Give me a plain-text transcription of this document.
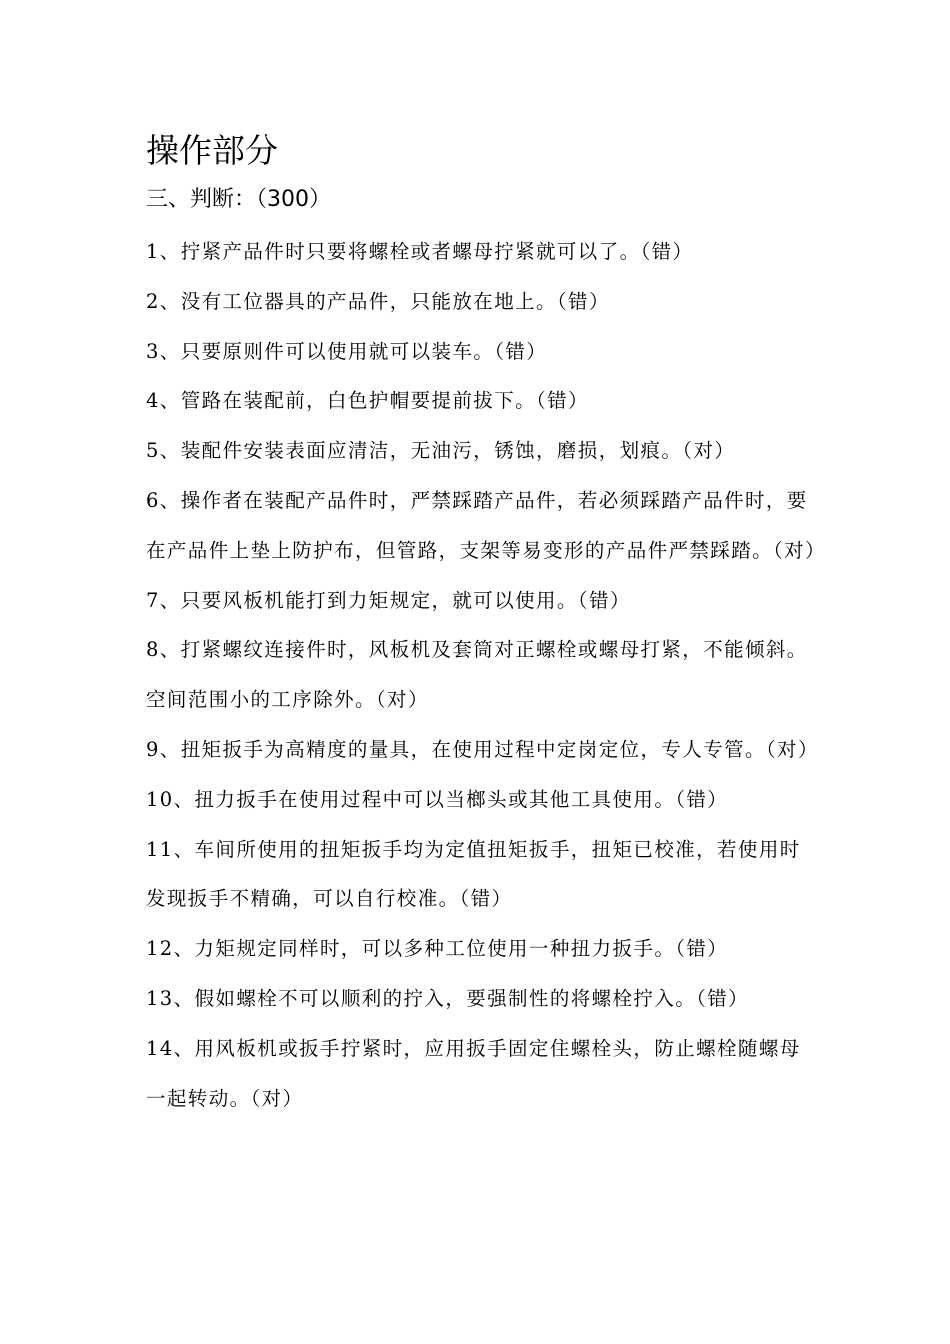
操作部分
三、判断：（300）

1、拧紧产品件时只要将螺栓或者螺母拧紧就可以了。（错）

2、没有工位器具的产品件，只能放在地上。（错）

3、只要原则件可以使用就可以装车。（错）

4、管路在装配前，白色护帽要提前拔下。（错）

5、装配件安装表面应清洁，无油污，锈蚀，磨损，划痕。（对）

6、操作者在装配产品件时，严禁踩踏产品件，若必须踩踏产品件时，要在产品件上垫上防护布，但管路，支架等易变形的产品件严禁踩踏。（对）

7、只要风板机能打到力矩规定，就可以使用。（错）

8、打紧螺纹连接件时，风板机及套筒对正螺栓或螺母打紧，不能倾斜。空间范围小的工序除外。（对）

9、扭矩扳手为高精度的量具，在使用过程中定岗定位，专人专管。（对）

10、扭力扳手在使用过程中可以当榔头或其他工具使用。（错）

11、车间所使用的扭矩扳手均为定值扭矩扳手，扭矩已校准，若使用时发现扳手不精确，可以自行校准。（错）

12、力矩规定同样时，可以多种工位使用一种扭力扳手。（错）

13、假如螺栓不可以顺利的拧入，要强制性的将螺栓拧入。（错）

14、用风板机或扳手拧紧时，应用扳手固定住螺栓头，防止螺栓随螺母一起转动。（对）
